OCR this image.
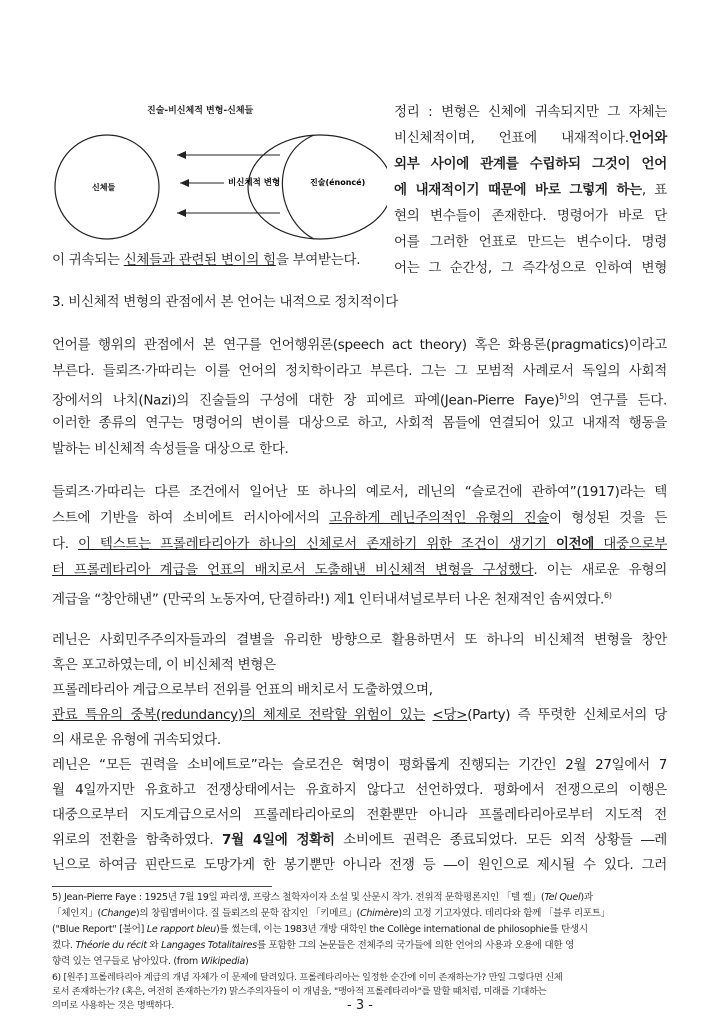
진술-비신체적 변형-신체들
신체들	비신체적 변형	진술(énoncé)
정리 : 변형은 신체에 귀속되지만 그 자체는
비신체적이며, 언표에 내재적이다.언어와
외부 사이에 관계를 수립하되 그것이 언어
에 내재적이기 때문에 바로 그렇게 하는, 표
현의 변수들이 존재한다. 명령어가 바로 단
어를 그러한 언표로 만드는 변수이다. 명령
어는 그 순간성, 그 즉각성으로 인하여 변형
이 귀속되는 신체들과 관련된 변이의 힘을 부여받는다.
3. 비신체적 변형의 관점에서 본 언어는 내적으로 정치적이다
언어를 행위의 관점에서 본 연구를 언어행위론(speech act theory) 혹은 화용론(pragmatics)이라고
부른다. 들뢰즈·가따리는 이를 언어의 정치학이라고 부른다. 그는 그 모범적 사례로서 독일의 사회적
장에서의 나치(Nazi)의 진술들의 구성에 대한 장 피에르 파예(Jean-Pierre Faye)$^{5)}$의 연구를 든다.
이러한 종류의 연구는 명령어의 변이를 대상으로 하고, 사회적 몸들에 연결되어 있고 내재적 행동을
발하는 비신체적 속성들을 대상으로 한다.
들뢰즈·가따리는 다른 조건에서 일어난 또 하나의 예로서, 레닌의 “슬로건에 관하여”(1917)라는 텍
스트에 기반을 하여 소비에트 러시아에서의 고유하게 레닌주의적인 유형의 진술이 형성된 것을 든
다. 이 텍스트는 프롤레타리아가 하나의 신체로서 존재하기 위한 조건이 생기기 이전에 대중으로부
터 프롤레타리아 계급을 언표의 배치로서 도출해낸 비신체적 변형을 구성했다. 이는 새로운 유형의
계급을 “창안해낸” (만국의 노동자여, 단결하라!) 제1 인터내셔널로부터 나온 천재적인 솜씨였다.$^{6)}$
레닌은 사회민주주의자들과의 결별을 유리한 방향으로 활용하면서 또 하나의 비신체적 변형을 창안
혹은 포고하였는데, 이 비신체적 변형은
프롤레타리아 계급으로부터 전위를 언표의 배치로서 도출하였으며,
관료 특유의 중복(redundancy)의 체제로 전락할 위험이 있는 <당>(Party) 즉 뚜렷한 신체로서의 당
의 새로운 유형에 귀속되었다.
레닌은 “모든 권력을 소비에트로”라는 슬로건은 혁명이 평화롭게 진행되는 기간인 2월 27일에서 7
월 4일까지만 유효하고 전쟁상태에서는 유효하지 않다고 선언하였다. 평화에서 전쟁으로의 이행은
대중으로부터 지도계급으로서의 프롤레타리아로의 전환뿐만 아니라 프롤레타리아로부터 지도적 전
위로의 전환을 함축하였다. 7월 4일에 정확히 소비에트 권력은 종료되었다. 모든 외적 상황들 ―레
닌으로 하여금 핀란드로 도망가게 한 봉기뿐만 아니라 전쟁 등 ―이 원인으로 제시될 수 있다. 그러
5) Jean-Pierre Faye : 1925년 7월 19일 파리생, 프랑스 철학자이자 소설 및 산문시 작가. 전위적 문학평론지인 「텔 켈」(Tel Quel)과
「체인지」(Change)의 창립멤버이다. 질 들뢰즈의 문학 잡지인 「키메르」(Chimère)의 고정 기고자였다. 데리다와 함께 「블루 리포트」
("Blue Report" [불어] Le rapport bleu)를 썼는데, 이는 1983년 개방 대학인 the Collège international de philosophie를 탄생시
켰다. Théorie du récit 와 Langages Totalitaires를 포함한 그의 논문들은 전체주의 국가들에 의한 언어의 사용과 오용에 대한 영
향력 있는 연구들로 남아있다. (from Wikipedia)
6) [원주] 프롤레타리아 계급의 개념 자체가 이 문제에 달려있다. 프롤레타리아는 일정한 순간에 이미 존재하는가? 만일 그렇다면 신체
로서 존재하는가? (혹은, 여전히 존재하는가?) 맑스주의자들이 이 개념을, "맹아적 프롤레타리아"를 말할 때처럼, 미래를 기대하는
의미로 사용하는 것은 명백하다.	- 3 -
